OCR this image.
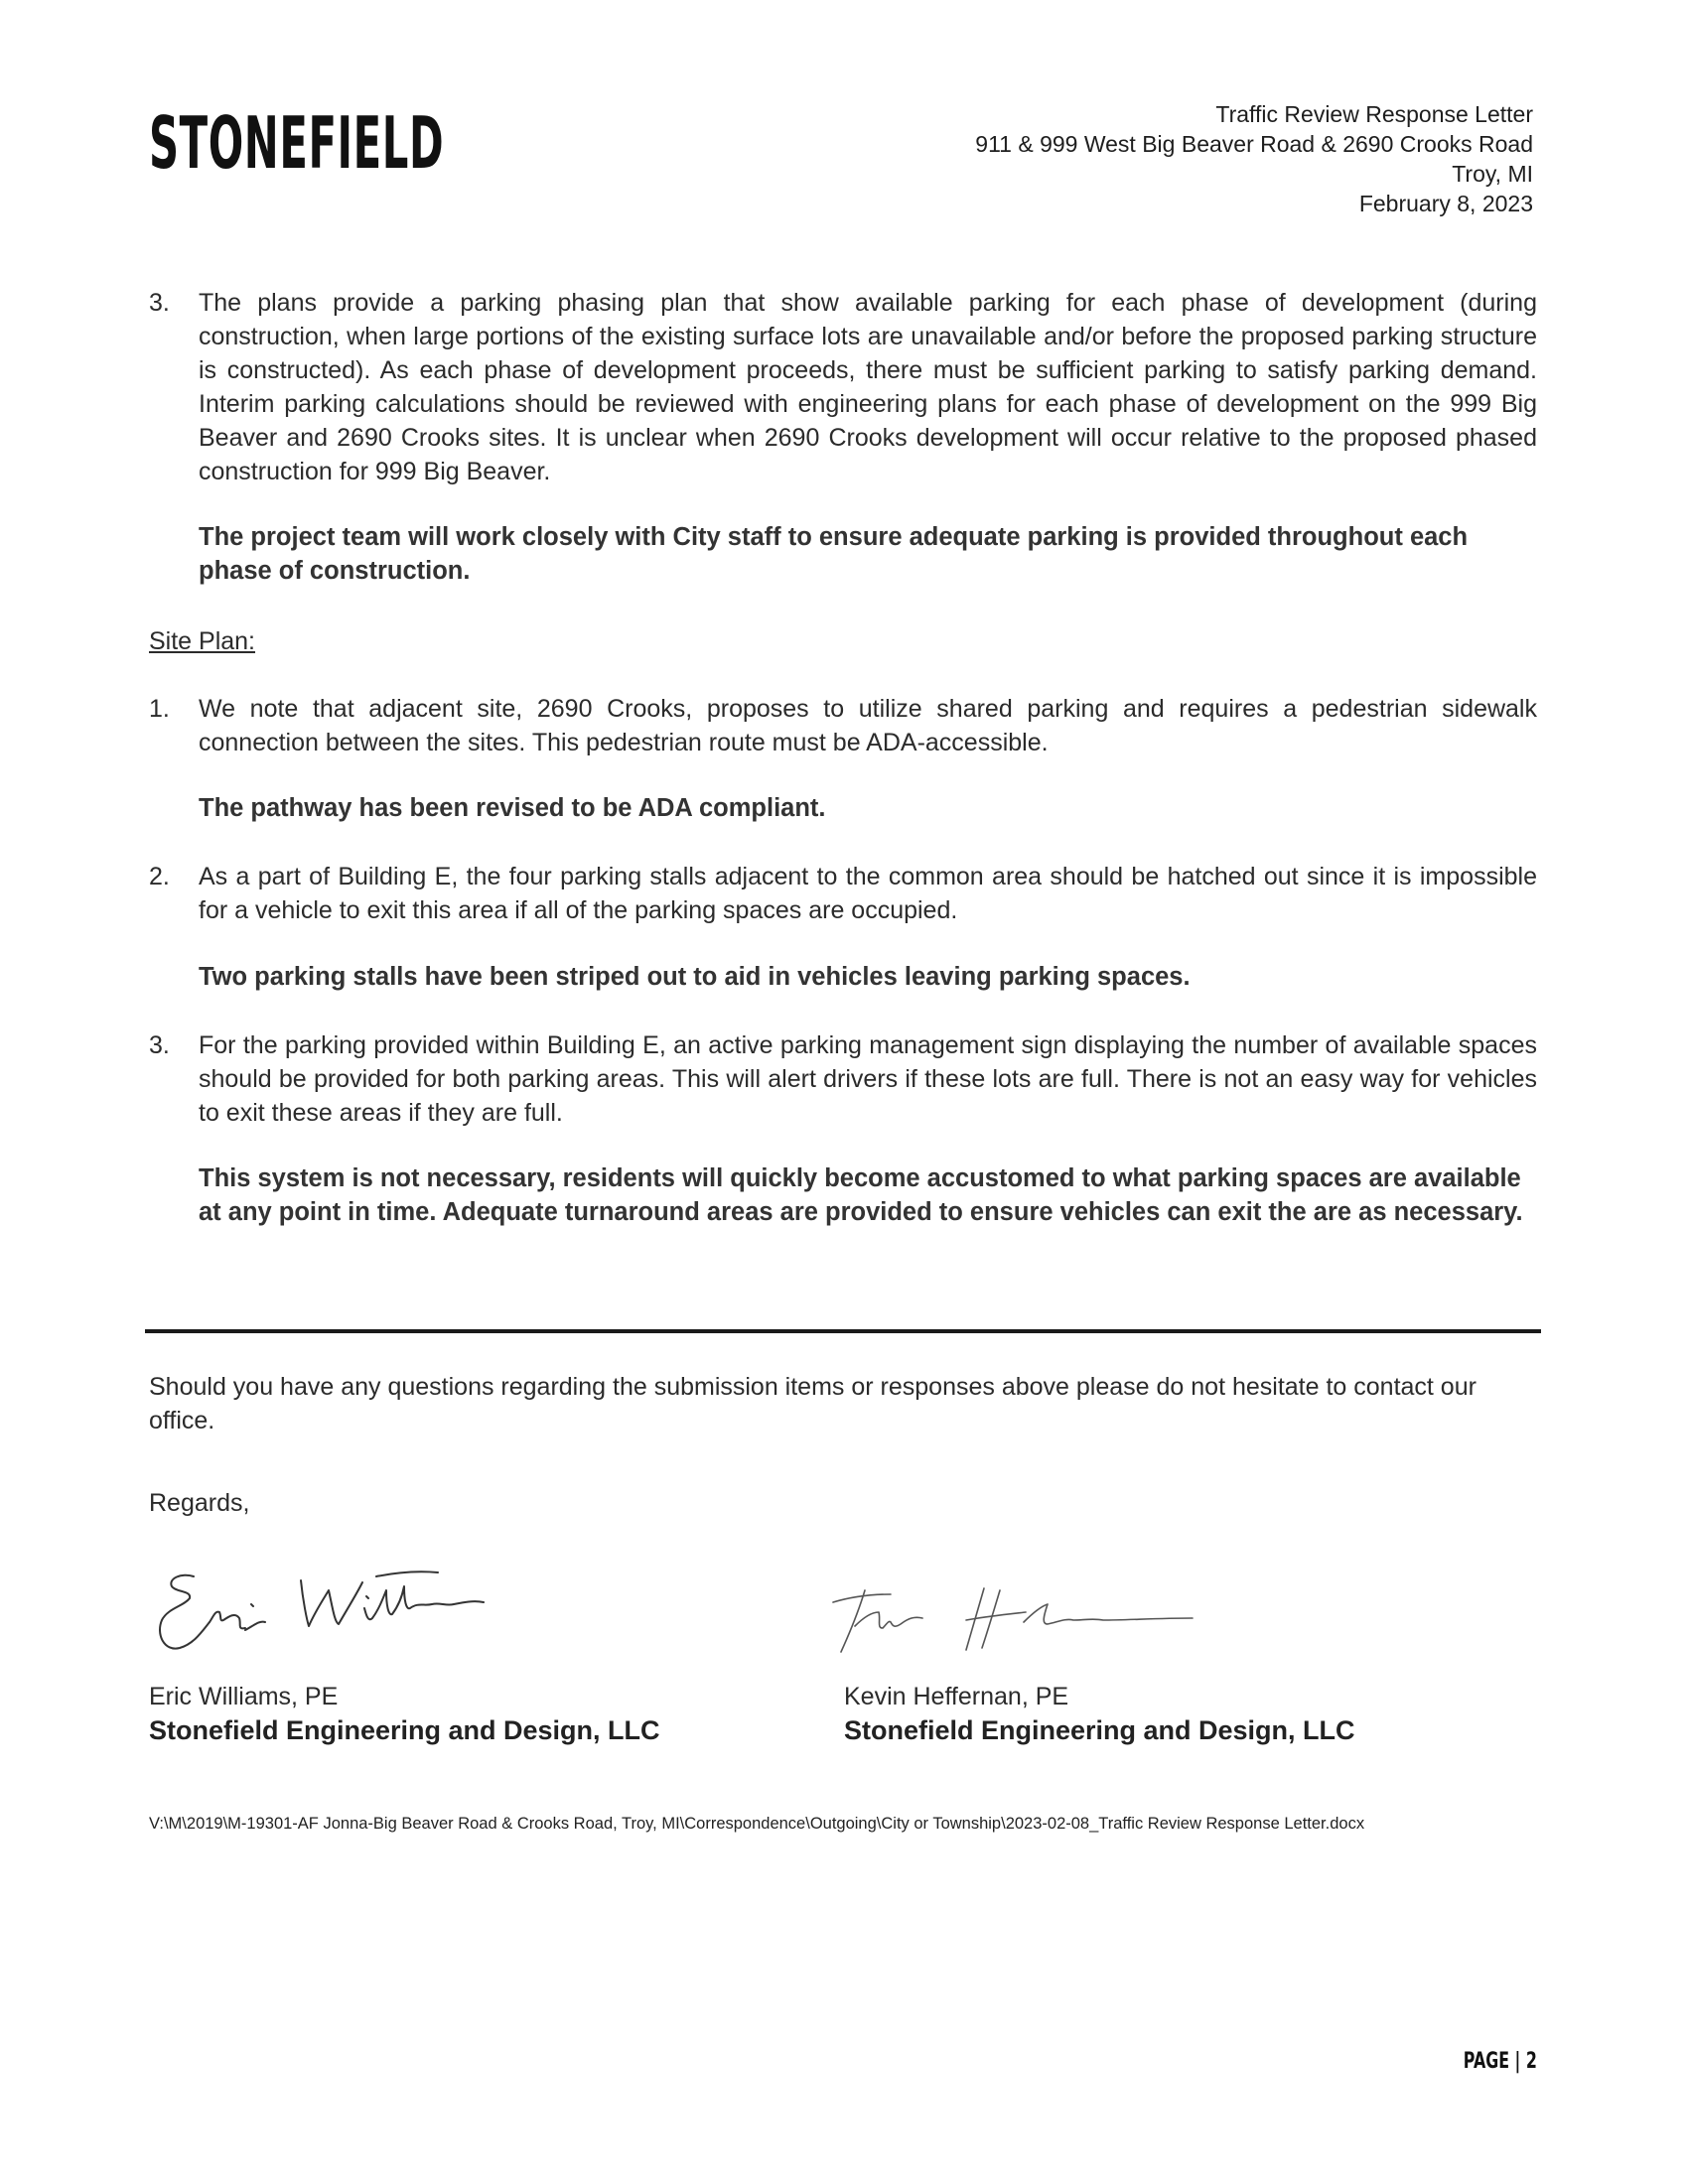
STONEFIELD	Traffic Review Response Letter
911 & 999 West Big Beaver Road & 2690 Crooks Road
Troy, MI
February 8, 2023
3. The plans provide a parking phasing plan that show available parking for each phase of development (during construction, when large portions of the existing surface lots are unavailable and/or before the proposed parking structure is constructed). As each phase of development proceeds, there must be sufficient parking to satisfy parking demand. Interim parking calculations should be reviewed with engineering plans for each phase of development on the 999 Big Beaver and 2690 Crooks sites. It is unclear when 2690 Crooks development will occur relative to the proposed phased construction for 999 Big Beaver.
The project team will work closely with City staff to ensure adequate parking is provided throughout each phase of construction.
Site Plan:
1. We note that adjacent site, 2690 Crooks, proposes to utilize shared parking and requires a pedestrian sidewalk connection between the sites. This pedestrian route must be ADA-accessible.
The pathway has been revised to be ADA compliant.
2. As a part of Building E, the four parking stalls adjacent to the common area should be hatched out since it is impossible for a vehicle to exit this area if all of the parking spaces are occupied.
Two parking stalls have been striped out to aid in vehicles leaving parking spaces.
3. For the parking provided within Building E, an active parking management sign displaying the number of available spaces should be provided for both parking areas. This will alert drivers if these lots are full. There is not an easy way for vehicles to exit these areas if they are full.
This system is not necessary, residents will quickly become accustomed to what parking spaces are available at any point in time. Adequate turnaround areas are provided to ensure vehicles can exit the are as necessary.
Should you have any questions regarding the submission items or responses above please do not hesitate to contact our office.
Regards,
Eric Williams, PE
Stonefield Engineering and Design, LLC
Kevin Heffernan, PE
Stonefield Engineering and Design, LLC
V:\M\2019\M-19301-AF Jonna-Big Beaver Road & Crooks Road, Troy, MI\Correspondence\Outgoing\City or Township\2023-02-08_Traffic Review Response Letter.docx
PAGE | 2
